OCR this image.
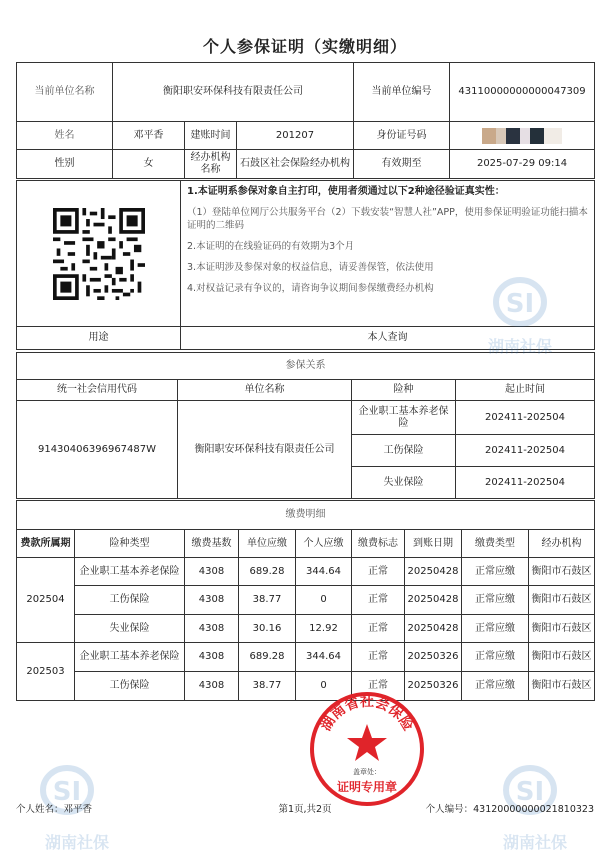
个人参保证明（实缴明细）
当前单位名称	衡阳职安环保科技有限责任公司			当前单位编号	43110000000000047309
姓名	邓平香	建账时间	201207	身份证号码	
性别	女	经办机构名称	石鼓区社会保险经办机构	有效期至	2025-07-29 09:14

1.本证明系参保对象自主打印，使用者须通过以下2种途径验证真实性：

（1）登陆单位网厅公共服务平台（2）下载安装“智慧人社”APP，使用参保证明验证功能扫描本证明的二维码

2.本证明的在线验证码的有效期为3个月

3.本证明涉及参保对象的权益信息，请妥善保管，依法使用

4.对权益记录有争议的，请咨询争议期间参保缴费经办机构

用途	本人查询
参保关系			
统一社会信用代码	单位名称	险种	起止时间
91430406396967487W	衡阳职安环保科技有限责任公司	企业职工基本养老保险	202411-202504
		工伤保险	202411-202504
		失业保险	202411-202504
缴费明细								
费款所属期	险种类型	缴费基数	单位应缴	个人应缴	缴费标志	到账日期	缴费类型	经办机构
202504	企业职工基本养老保险	4308	689.28	344.64	正常	20250428	正常应缴	衡阳市石鼓区
	工伤保险	4308	38.77	0	正常	20250428	正常应缴	衡阳市石鼓区
	失业保险	4308	30.16	12.92	正常	20250428	正常应缴	衡阳市石鼓区
202503	企业职工基本养老保险	4308	689.28	344.64	正常	20250326	正常应缴	衡阳市石鼓区
	工伤保险	4308	38.77	0	正常	20250326	正常应缴	衡阳市石鼓区
SI
湖南社保
SI
湖南社保
SI
湖南社保
湖南省社会保险
盖章处：
证明专用章
个人姓名：邓平香	第1页,共2页	个人编号：43120000000021810323
